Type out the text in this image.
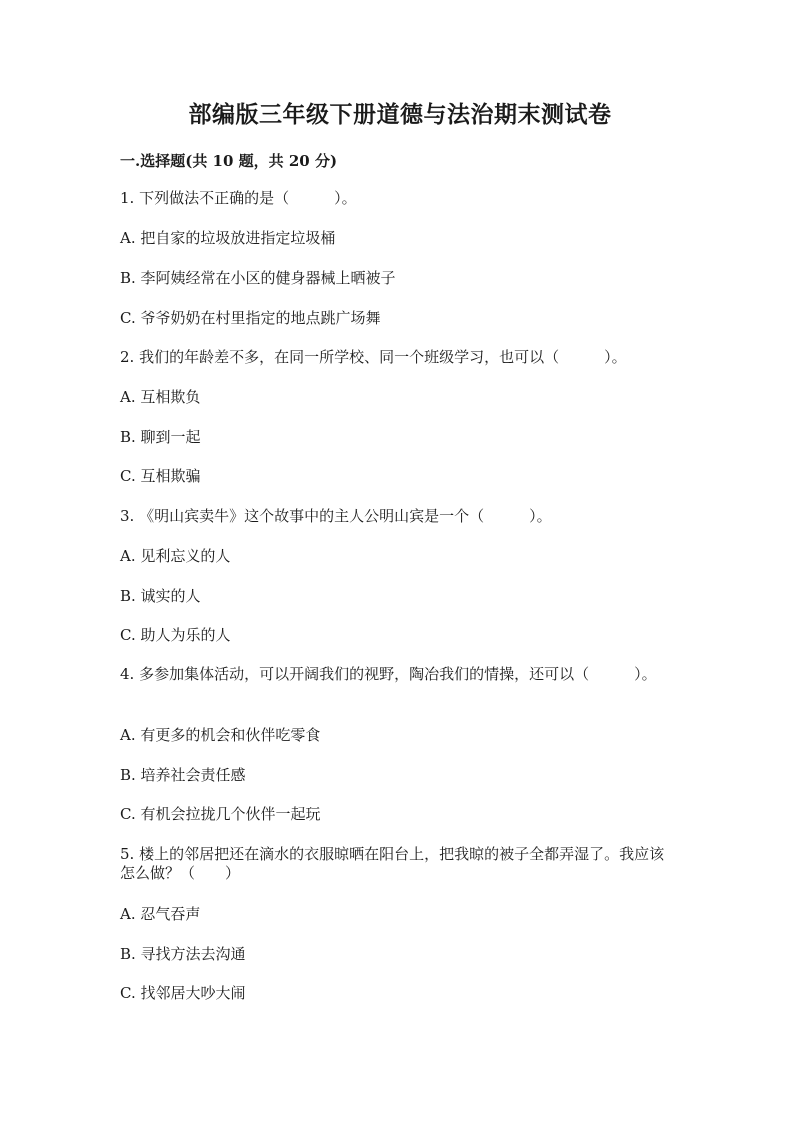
部编版三年级下册道德与法治期末测试卷
一.选择题(共 10 题，共 20 分)
1. 下列做法不正确的是（　　　）。
A. 把自家的垃圾放进指定垃圾桶
B. 李阿姨经常在小区的健身器械上晒被子
C. 爷爷奶奶在村里指定的地点跳广场舞
2. 我们的年龄差不多，在同一所学校、同一个班级学习，也可以（　　　）。
A. 互相欺负
B. 聊到一起
C. 互相欺骗
3. 《明山宾卖牛》这个故事中的主人公明山宾是一个（　　　）。
A. 见利忘义的人
B. 诚实的人
C. 助人为乐的人
4. 多参加集体活动，可以开阔我们的视野，陶冶我们的情操，还可以（　　　）。
A. 有更多的机会和伙伴吃零食
B. 培养社会责任感
C. 有机会拉拢几个伙伴一起玩
5. 楼上的邻居把还在滴水的衣服晾晒在阳台上，把我晾的被子全都弄湿了。我应该怎么做？（　　）
A. 忍气吞声
B. 寻找方法去沟通
C. 找邻居大吵大闹
